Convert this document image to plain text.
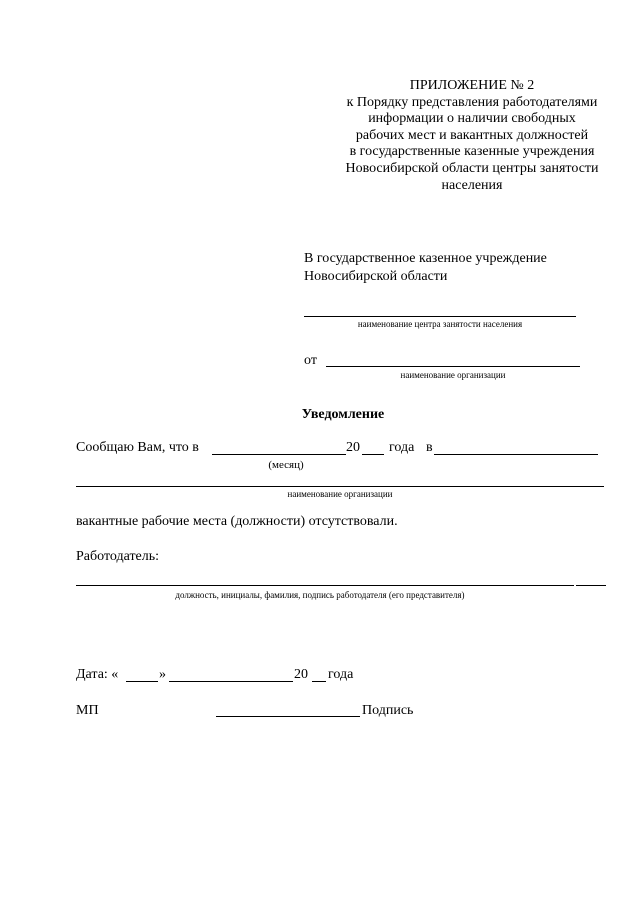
ПРИЛОЖЕНИЕ № 2
к Порядку представления работодателями
информации о наличии свободных
рабочих мест и вакантных должностей
в государственные казенные учреждения
Новосибирской области центры занятости
населения
В государственное казенное учреждение
Новосибирской области
наименование центра занятости населения
от
наименование организации
Уведомление
Сообщаю Вам, что в	20 года в
(месяц)
наименование организации
вакантные рабочие места (должности) отсутствовали.
Работодатель:
должность, инициалы, фамилия, подпись работодателя (его представителя)
Дата: «	»	20 года
МП	Подпись
